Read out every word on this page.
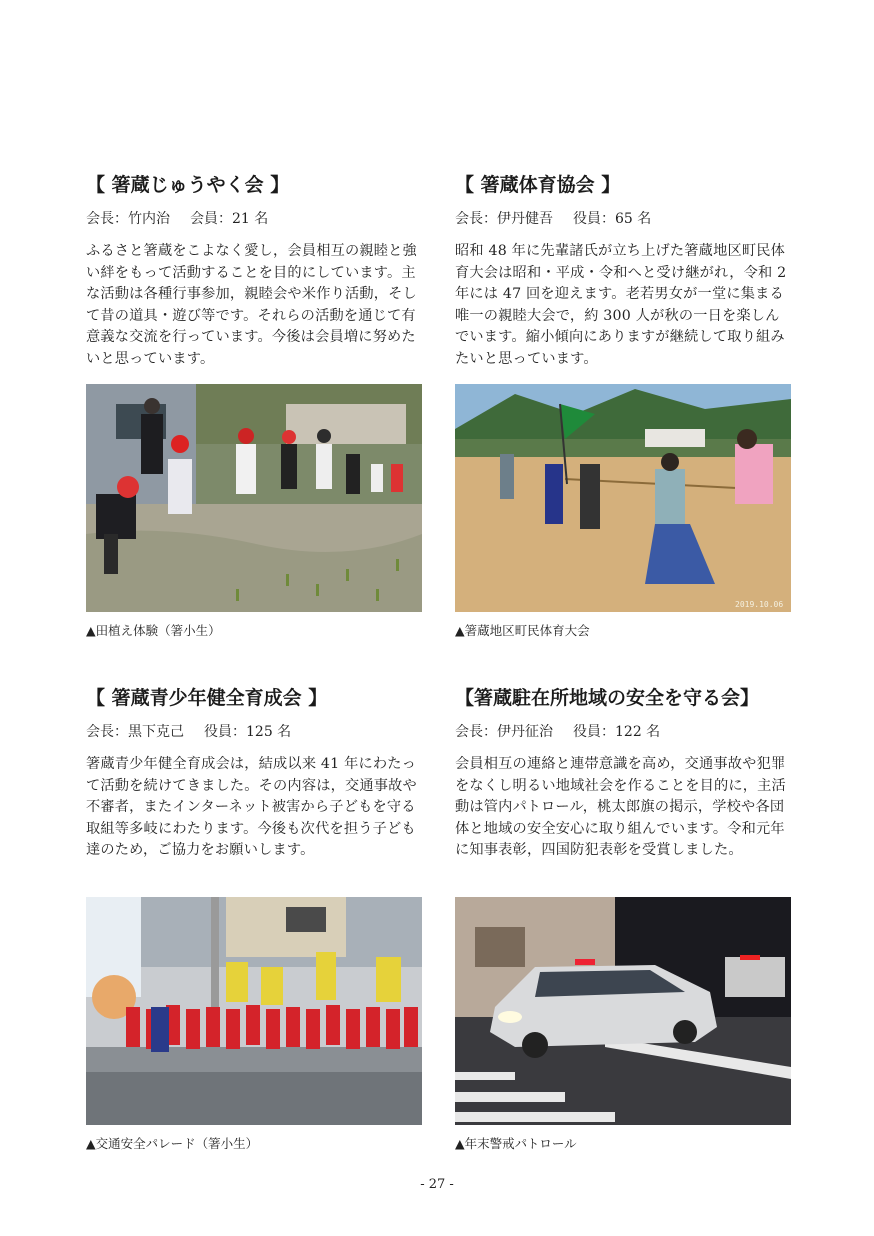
【 箸蔵じゅうやく会 】
会長：竹内治 会員：21 名
ふるさと箸蔵をこよなく愛し，会員相互の親睦と強い絆をもって活動することを目的にしています。主な活動は各種行事参加，親睦会や米作り活動，そして昔の道具・遊び等です。それらの活動を通じて有意義な交流を行っています。今後は会員増に努めたいと思っています。
▲田植え体験（箸小生）
【 箸蔵体育協会 】
会長：伊丹健吾 役員：65 名
昭和 48 年に先輩諸氏が立ち上げた箸蔵地区町民体育大会は昭和・平成・令和へと受け継がれ，令和 2 年には 47 回を迎えます。老若男女が一堂に集まる唯一の親睦大会で，約 300 人が秋の一日を楽しんでいます。縮小傾向にありますが継続して取り組みたいと思っています。
2019.10.06
▲箸蔵地区町民体育大会
【 箸蔵青少年健全育成会 】
会長：黒下克己 役員：125 名
箸蔵青少年健全育成会は，結成以来 41 年にわたって活動を続けてきました。その内容は，交通事故や不審者，またインターネット被害から子どもを守る取組等多岐にわたります。今後も次代を担う子ども達のため，ご協力をお願いします。
▲交通安全パレード（箸小生）
【箸蔵駐在所地域の安全を守る会】
会長：伊丹征治 役員：122 名
会員相互の連絡と連帯意識を高め，交通事故や犯罪をなくし明るい地域社会を作ることを目的に，主活動は管内パトロール，桃太郎旗の掲示，学校や各団体と地域の安全安心に取り組んでいます。令和元年に知事表彰，四国防犯表彰を受賞しました。
▲年末警戒パトロール
- 27 -
